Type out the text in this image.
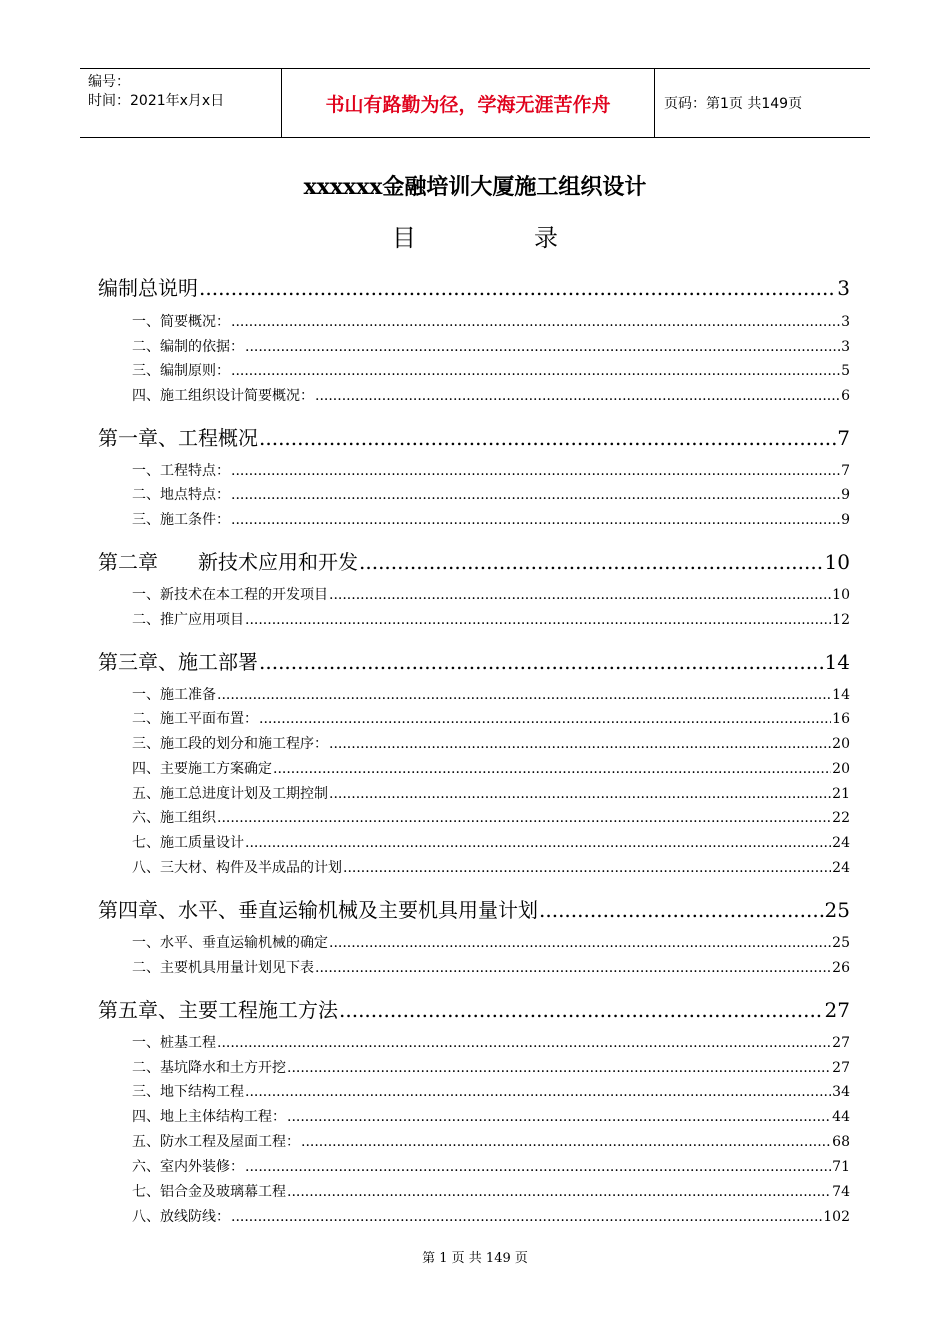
编号：
时间：2021年x月x日	书山有路勤为径，学海无涯苦作舟	页码：第1页 共149页
xxxxxx金融培训大厦施工组织设计
目	录
编制总说明 .....	3
一、简要概况： .....	3
二、编制的依据： .....	3
三、编制原则： .....	5
四、施工组织设计简要概况： .....	6
第一章、工程概况 .....	7
一、工程特点： .....	7
二、地点特点： .....	9
三、施工条件： .....	9
第二章　　新技术应用和开发 .....	10
一、新技术在本工程的开发项目 .....	10
二、推广应用项目 .....	12
第三章、施工部署 .....	14
一、施工准备 .....	14
二、施工平面布置： .....	16
三、施工段的划分和施工程序： .....	20
四、主要施工方案确定 .....	20
五、施工总进度计划及工期控制 .....	21
六、施工组织 .....	22
七、施工质量设计 .....	24
八、三大材、构件及半成品的计划 .....	24
第四章、水平、垂直运输机械及主要机具用量计划 .....	25
一、水平、垂直运输机械的确定 .....	25
二、主要机具用量计划见下表 .....	26
第五章、主要工程施工方法 .....	27
一、桩基工程 .....	27
二、基坑降水和土方开挖 .....	27
三、地下结构工程 .....	34
四、地上主体结构工程： .....	44
五、防水工程及屋面工程： .....	68
六、室内外装修： .....	71
七、铝合金及玻璃幕工程 .....	74
八、放线防线： .....	102
第 1 页 共 149 页
